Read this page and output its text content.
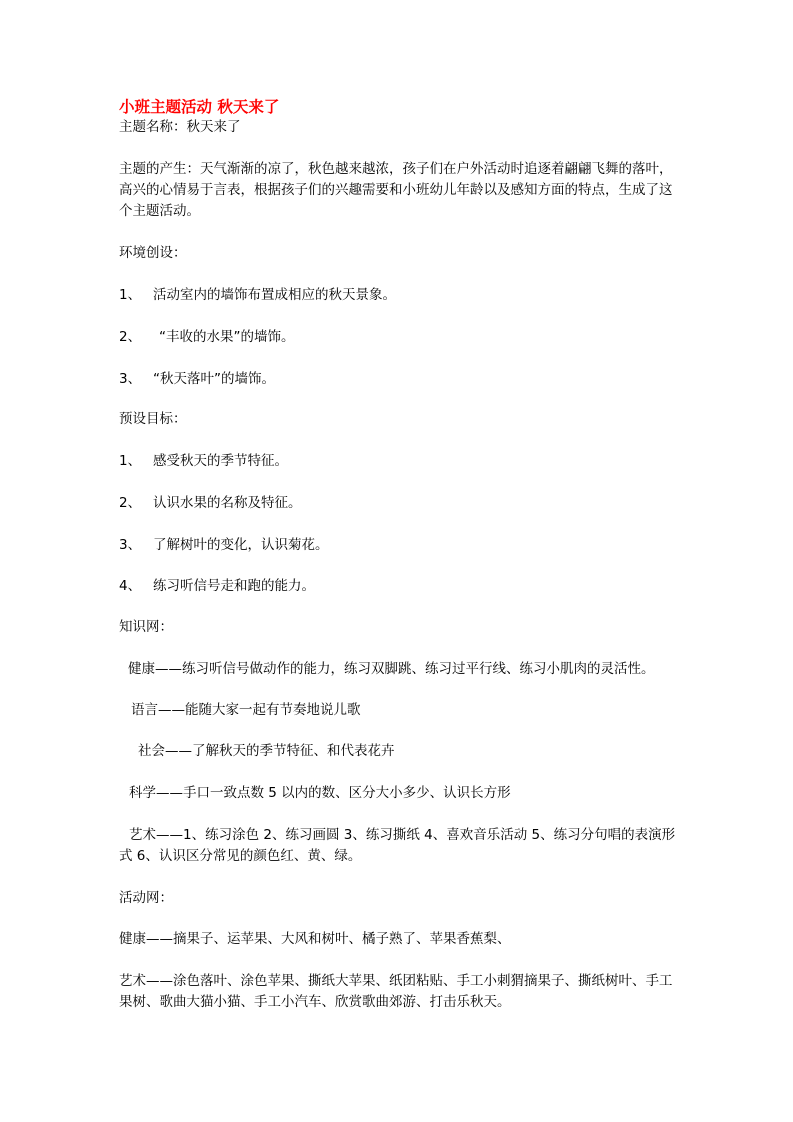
小班主题活动 秋天来了
主题名称：秋天来了
主题的产生：天气渐渐的凉了，秋色越来越浓，孩子们在户外活动时追逐着翩翩飞舞的落叶，高兴的心情易于言表，根据孩子们的兴趣需要和小班幼儿年龄以及感知方面的特点，生成了这个主题活动。
环境创设：
1、 活动室内的墙饰布置成相应的秋天景象。
2、 “丰收的水果”的墙饰。
3、 “秋天落叶”的墙饰。
预设目标：
1、 感受秋天的季节特征。
2、 认识水果的名称及特征。
3、 了解树叶的变化，认识菊花。
4、 练习听信号走和跑的能力。
知识网：
健康——练习听信号做动作的能力，练习双脚跳、练习过平行线、练习小肌肉的灵活性。
语言——能随大家一起有节奏地说儿歌
社会——了解秋天的季节特征、和代表花卉
科学——手口一致点数 5 以内的数、区分大小多少、认识长方形
艺术——1、练习涂色 2、练习画圆 3、练习撕纸 4、喜欢音乐活动 5、练习分句唱的表演形式 6、认识区分常见的颜色红、黄、绿。
活动网：
健康——摘果子、运苹果、大风和树叶、橘子熟了、苹果香蕉梨、
艺术——涂色落叶、涂色苹果、撕纸大苹果、纸团粘贴、手工小刺猬摘果子、撕纸树叶、手工果树、歌曲大猫小猫、手工小汽车、欣赏歌曲郊游、打击乐秋天。
